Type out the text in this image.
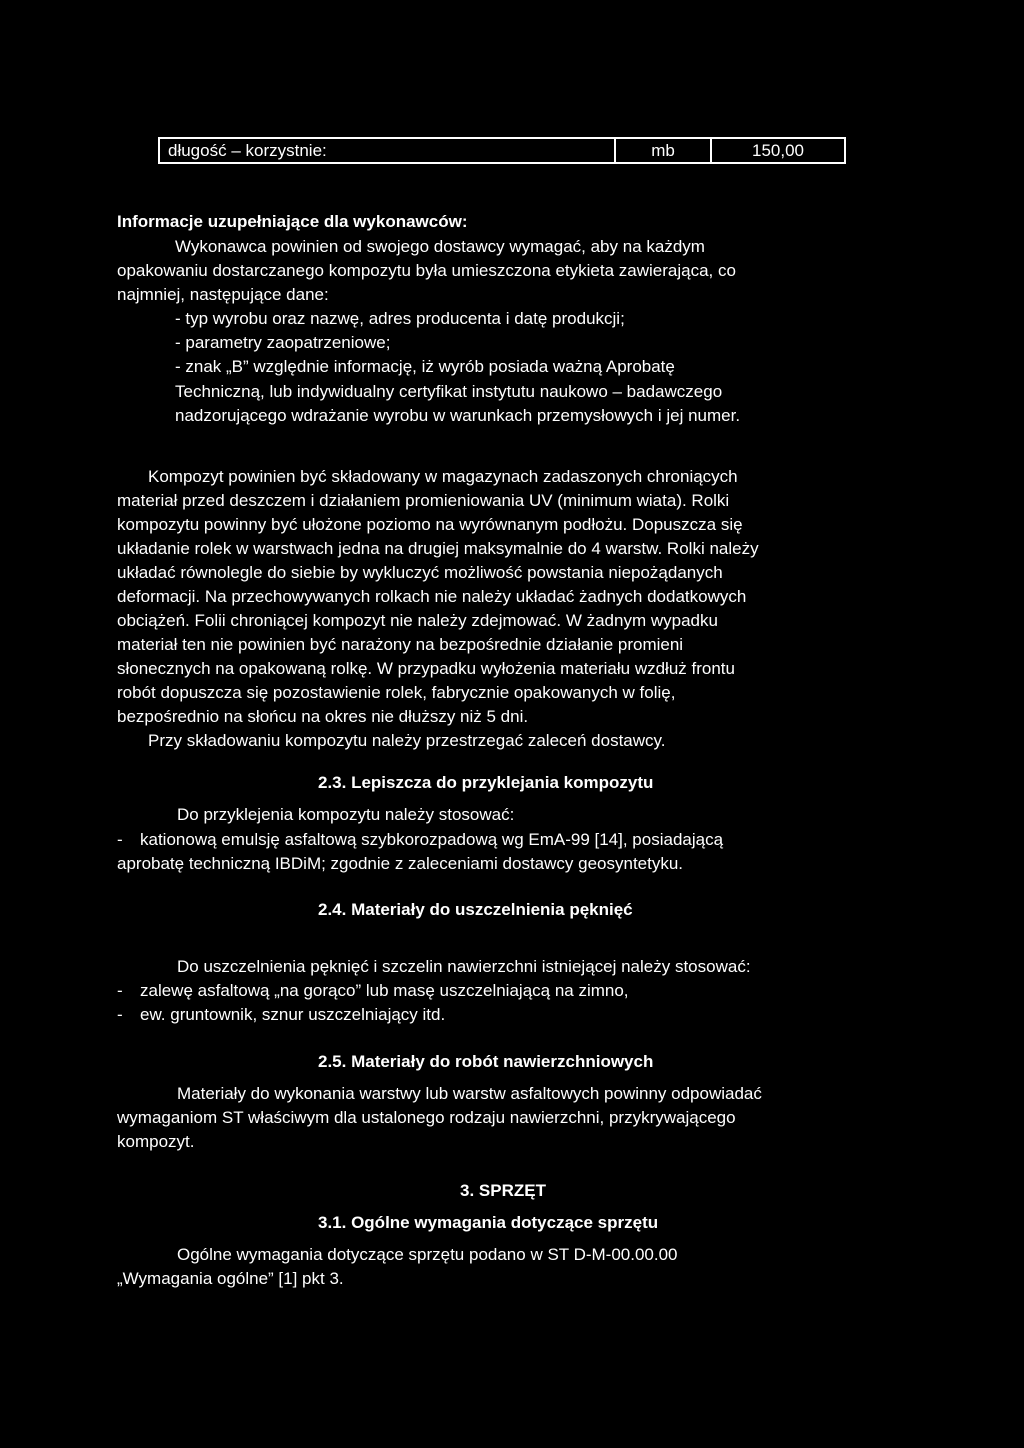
długość – korzystnie:	mb	150,00
Informacje uzupełniające dla wykonawców:
Wykonawca powinien od swojego dostawcy wymagać, aby na każdym
opakowaniu dostarczanego kompozytu była umieszczona etykieta zawierająca, co
najmniej, następujące dane:
- typ wyrobu oraz nazwę, adres producenta i datę produkcji;
- parametry zaopatrzeniowe;
- znak „B” względnie informację, iż wyrób posiada ważną Aprobatę
Techniczną, lub indywidualny certyfikat instytutu naukowo – badawczego
nadzorującego wdrażanie wyrobu w warunkach przemysłowych i jej numer.
Kompozyt powinien być składowany w magazynach zadaszonych chroniących
materiał przed deszczem i działaniem promieniowania UV (minimum wiata). Rolki
kompozytu powinny być ułożone poziomo na wyrównanym podłożu. Dopuszcza się
układanie rolek w warstwach jedna na drugiej maksymalnie do 4 warstw. Rolki należy
układać równolegle do siebie by wykluczyć możliwość powstania niepożądanych
deformacji. Na przechowywanych rolkach nie należy układać żadnych dodatkowych
obciążeń. Folii chroniącej kompozyt nie należy zdejmować. W żadnym wypadku
materiał ten nie powinien być narażony na bezpośrednie działanie promieni
słonecznych na opakowaną rolkę. W przypadku wyłożenia materiału wzdłuż frontu
robót dopuszcza się pozostawienie rolek, fabrycznie opakowanych w folię,
bezpośrednio na słońcu na okres nie dłuższy niż 5 dni.
Przy składowaniu kompozytu należy przestrzegać zaleceń dostawcy.
2.3. Lepiszcza do przyklejania kompozytu
Do przyklejenia kompozytu należy stosować:
- kationową emulsję asfaltową szybkorozpadową wg EmA-99 [14], posiadającą
aprobatę techniczną IBDiM; zgodnie z zaleceniami dostawcy geosyntetyku.
2.4. Materiały do uszczelnienia pęknięć
Do uszczelnienia pęknięć i szczelin nawierzchni istniejącej należy stosować:
- zalewę asfaltową „na gorąco” lub masę uszczelniającą na zimno,
- ew. gruntownik, sznur uszczelniający itd.
2.5. Materiały do robót nawierzchniowych
Materiały do wykonania warstwy lub warstw asfaltowych powinny odpowiadać
wymaganiom ST właściwym dla ustalonego rodzaju nawierzchni, przykrywającego
kompozyt.
3. SPRZĘT
3.1. Ogólne wymagania dotyczące sprzętu
Ogólne wymagania dotyczące sprzętu podano w ST D-M-00.00.00
„Wymagania ogólne” [1] pkt 3.
